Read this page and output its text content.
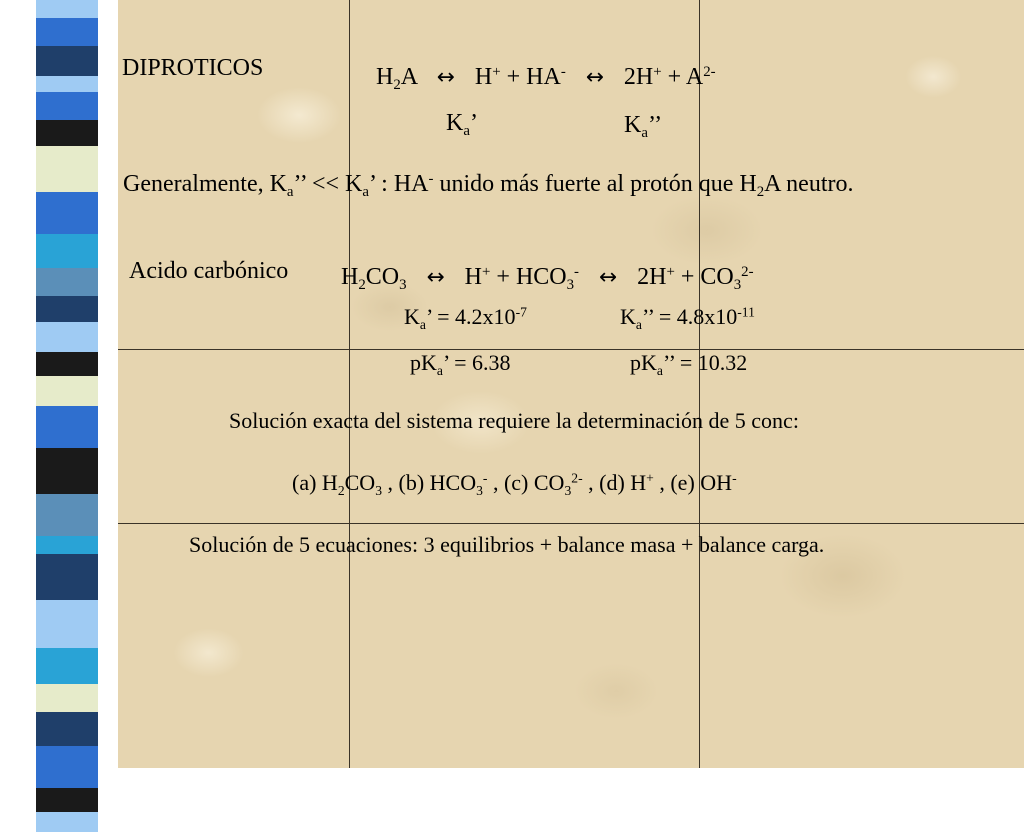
DIPROTICOS	$H_2A$ ↔ H+ + HA- ↔ $2H^+ + A^{2-}$
$K_a$’	$K_a$’’
Generalmente, $K_a$’’ << $K_a$’ : HA- unido más fuerte al protón que $H_2A$ neutro.
Acido carbónico $H_2CO_3$ ↔ $H^+ + HCO_3^-$ ↔ $2H^+ + CO_3^{2-}$
$K_a$’ = $4.2x10^{-7}$	$K_a$’’ = $4.8x10^{-11}$
$pK_a$’ = 6.38	$pK_a$’’ = 10.32
Solución exacta del sistema requiere la determinación de 5 conc:
(a) $H_2CO_3$ , (b) $HCO_3^-$ , (c) $CO_3^{2-}$ , (d) H+ , (e) OH-
Solución de 5 ecuaciones: 3 equilibrios + balance masa + balance carga.
